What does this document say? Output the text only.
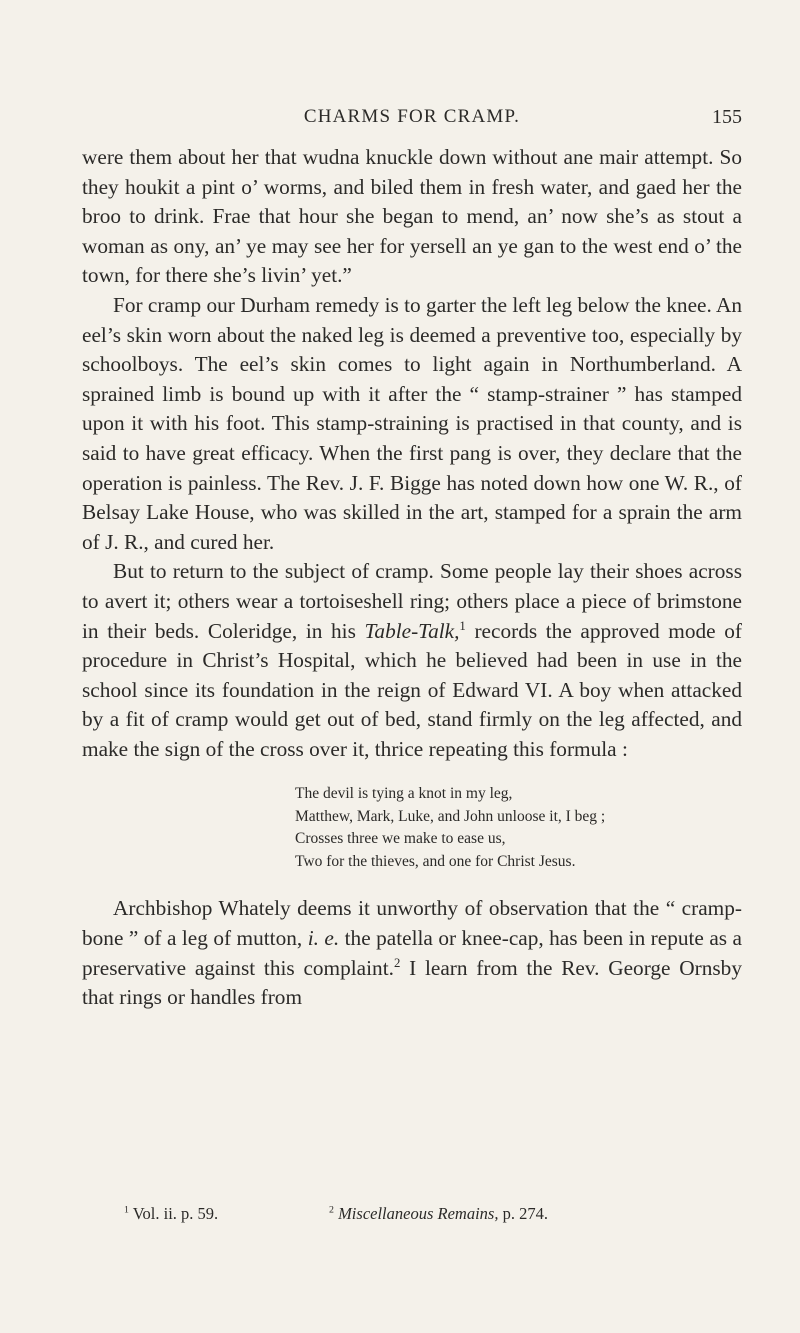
CHARMS FOR CRAMP.	155

were them about her that wudna knuckle down without ane mair attempt. So they houkit a pint o’ worms, and biled them in fresh water, and gaed her the broo to drink. Frae that hour she began to mend, an’ now she’s as stout a woman as ony, an’ ye may see her for yersell an ye gan to the west end o’ the town, for there she’s livin’ yet.”

For cramp our Durham remedy is to garter the left leg below the knee. An eel’s skin worn about the naked leg is deemed a preventive too, especially by schoolboys. The eel’s skin comes to light again in Northumberland. A sprained limb is bound up with it after the “ stamp-strainer ” has stamped upon it with his foot. This stamp-straining is practised in that county, and is said to have great efficacy. When the first pang is over, they declare that the operation is painless. The Rev. J. F. Bigge has noted down how one W. R., of Belsay Lake House, who was skilled in the art, stamped for a sprain the arm of J. R., and cured her.

But to return to the subject of cramp. Some people lay their shoes across to avert it; others wear a tortoiseshell ring; others place a piece of brimstone in their beds. Coleridge, in his Table-Talk,$^1$ records the approved mode of procedure in Christ’s Hospital, which he believed had been in use in the school since its foundation in the reign of Edward VI. A boy when attacked by a fit of cramp would get out of bed, stand firmly on the leg affected, and make the sign of the cross over it, thrice repeating this formula :

The devil is tying a knot in my leg,
Matthew, Mark, Luke, and John unloose it, I beg ;
Crosses three we make to ease us,
Two for the thieves, and one for Christ Jesus.

Archbishop Whately deems it unworthy of observation that the “ cramp-bone ” of a leg of mutton, i. e. the patella or knee-cap, has been in repute as a preservative against this complaint.$^2$ I learn from the Rev. George Ornsby that rings or handles from

$^1$ Vol. ii. p. 59.	$^2$ Miscellaneous Remains, p. 274.
